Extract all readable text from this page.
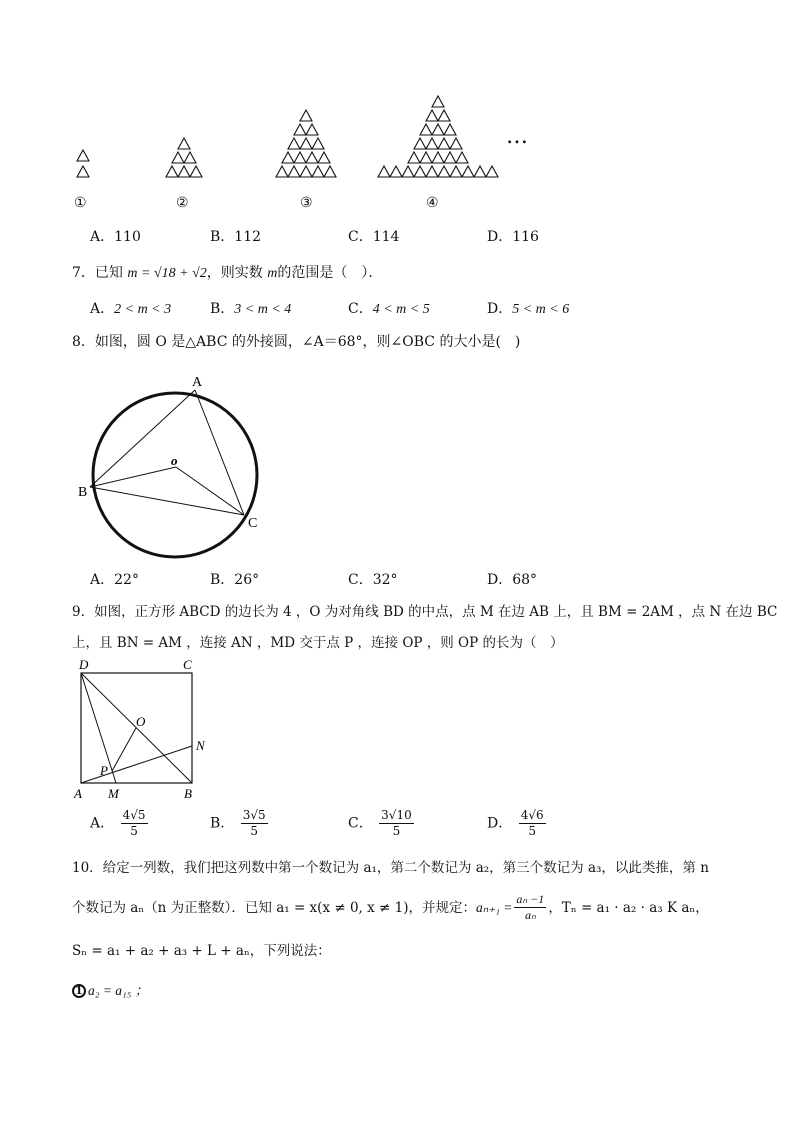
…
①	②	③	④
A．110	B．112	C．114	D．116
7．已知 m = √18 + √2，则实数 m的范围是（　）．
A．2 < m < 3	B．3 < m < 4	C．4 < m < 5	D．5 < m < 6
8．如图，圆 O 是△ABC 的外接圆，∠A＝68°，则∠OBC 的大小是(　)
A
B
C
o
A．22°	B．26°	C．32°	D．68°
9．如图，正方形 ABCD 的边长为 4 ，O 为对角线 BD 的中点，点 M 在边 AB 上，且 BM = 2AM ，点 N 在边 BC
上，且 BN = AM ，连接 AN ，MD 交于点 P ，连接 OP ，则 OP 的长为（　）
D	C
O
N
P
A M	B
A． $\frac{4√5}{5}$	B． $\frac{3√5}{5}$	C． $\frac{3√10}{5}$	D． $\frac{4√6}{5}$
10．给定一列数，我们把这列数中第一个数记为 a₁，第二个数记为 a₂，第三个数记为 a₃，以此类推，第 n
个数记为 aₙ（n 为正整数）．已知 a₁ = x(x ≠ 0, x ≠ 1)，并规定： $a_{n+1} = \frac{\text{aₙ −1}}{\text{aₙ}}$ ，Tₙ = a₁ · a₂ · a₃ K aₙ，
Sₙ = a₁ + a₂ + a₃ + L + aₙ，下列说法：
1 a₂ = a₁₅ ；
